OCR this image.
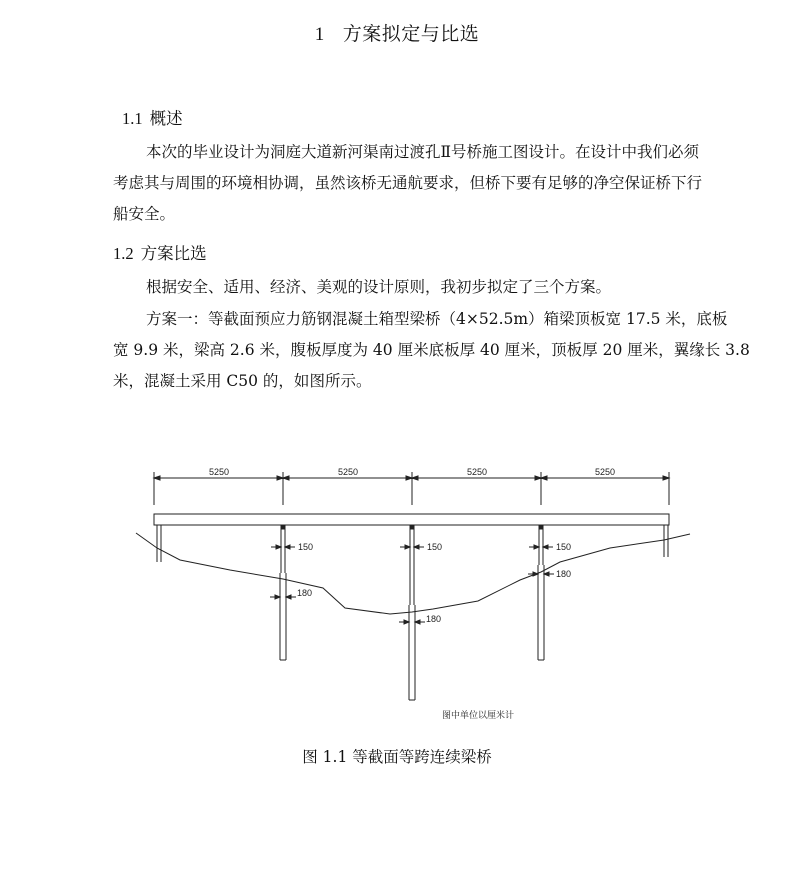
1 方案拟定与比选
1.1 概述
本次的毕业设计为洞庭大道新河渠南过渡孔Ⅱ号桥施工图设计。在设计中我们必须
考虑其与周围的环境相协调，虽然该桥无通航要求，但桥下要有足够的净空保证桥下行
船安全。
1.2 方案比选
根据安全、适用、经济、美观的设计原则，我初步拟定了三个方案。
方案一：等截面预应力筋钢混凝土箱型梁桥（4×52.5m）箱梁顶板宽 17.5 米，底板
宽 9.9 米，梁高 2.6 米，腹板厚度为 40 厘米底板厚 40 厘米，顶板厚 20 厘米，翼缘长 3.8
米，混凝土采用 C50 的，如图所示。
5250	5250	5250	5250
150
180
150
180
150
180
图中单位以厘米计
图 1.1 等截面等跨连续梁桥
